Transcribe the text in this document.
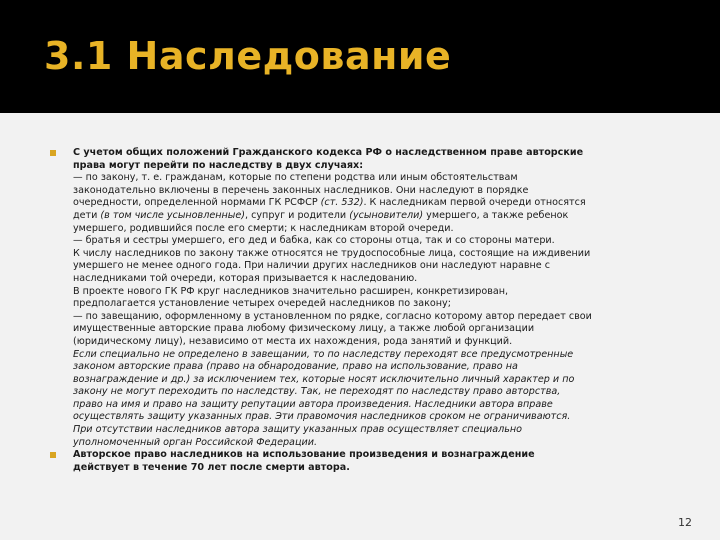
3.1 Наследование
С учетом общих положений Гражданского кодекса РФ о наследственном праве авторские
права могут перейти по наследству в двух случаях:
— по закону, т. е. гражданам, которые по степени родства или иным обстоятельствам
законодательно включены в перечень законных наследников. Они наследуют в порядке
очередности, определенной нормами ГК РСФСР (ст. 532). К наследникам первой очереди относятся
дети (в том числе усыновленные), супруг и родители (усыновители) умершего, а также ребенок
умершего, родившийся после его смерти; к наследникам второй очереди.
— братья и сестры умершего, его дед и бабка, как со стороны отца, так и со стороны матери.
К числу наследников по закону также относятся не трудоспособные лица, состоящие на иждивении
умершего не менее одного года. При наличии других наследников они наследуют наравне с
наследниками той очереди, которая призывается к наследованию.
В проекте нового ГК РФ круг наследников значительно расширен, конкретизирован,
предполагается установление четырех очередей наследников по закону;
— по завещанию, оформленному в установленном по рядке, согласно которому автор передает свои
имущественные авторские права любому физическому лицу, а также любой организации
(юридическому лицу), независимо от места их нахождения, рода занятий и функций.
Если специально не определено в завещании, то по наследству переходят все предусмотренные
законом авторские права (право на обнародование, право на использование, право на
вознаграждение и др.) за исключением тех, которые носят исключительно личный характер и по
закону не могут переходить по наследству. Так, не переходят по наследству право авторства,
право на имя и право на защиту репутации автора произведения. Наследники автора вправе
осуществлять защиту указанных прав. Эти правомочия наследников сроком не ограничиваются.
При отсутствии наследников автора защиту указанных прав осуществляет специально
уполномоченный орган Российской Федерации.
Авторское право наследников на использование произведения и вознаграждение
действует в течение 70 лет после смерти автора.
12
